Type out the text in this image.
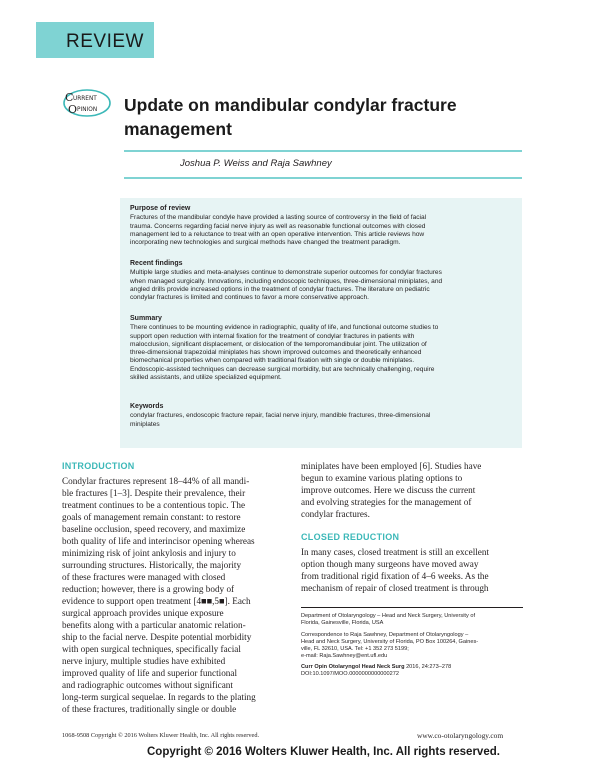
REVIEW
C URRENT
O PINION Update on mandibular condylar fracture
management
Joshua P. Weiss and Raja Sawhney
Purpose of review
Fractures of the mandibular condyle have provided a lasting source of controversy in the field of facial
trauma. Concerns regarding facial nerve injury as well as reasonable functional outcomes with closed
management led to a reluctance to treat with an open operative intervention. This article reviews how
incorporating new technologies and surgical methods have changed the treatment paradigm.
Recent findings
Multiple large studies and meta-analyses continue to demonstrate superior outcomes for condylar fractures
when managed surgically. Innovations, including endoscopic techniques, three-dimensional miniplates, and
angled drills provide increased options in the treatment of condylar fractures. The literature on pediatric
condylar fractures is limited and continues to favor a more conservative approach.
Summary
There continues to be mounting evidence in radiographic, quality of life, and functional outcome studies to
support open reduction with internal fixation for the treatment of condylar fractures in patients with
malocclusion, significant displacement, or dislocation of the temporomandibular joint. The utilization of
three-dimensional trapezoidal miniplates has shown improved outcomes and theoretically enhanced
biomechanical properties when compared with traditional fixation with single or double miniplates.
Endoscopic-assisted techniques can decrease surgical morbidity, but are technically challenging, require
skilled assistants, and utilize specialized equipment.
Keywords
condylar fractures, endoscopic fracture repair, facial nerve injury, mandible fractures, three-dimensional
miniplates
INTRODUCTION
Condylar fractures represent 18–44% of all mandi-
ble fractures [1–3]. Despite their prevalence, their
treatment continues to be a contentious topic. The
goals of management remain constant: to restore
baseline occlusion, speed recovery, and maximize
both quality of life and interincisor opening whereas
minimizing risk of joint ankylosis and injury to
surrounding structures. Historically, the majority
of these fractures were managed with closed
reduction; however, there is a growing body of
evidence to support open treatment [4■■,5■]. Each
surgical approach provides unique exposure
benefits along with a particular anatomic relation-
ship to the facial nerve. Despite potential morbidity
with open surgical techniques, specifically facial
nerve injury, multiple studies have exhibited
improved quality of life and superior functional
and radiographic outcomes without significant
long-term surgical sequelae. In regards to the plating
of these fractures, traditionally single or double
miniplates have been employed [6]. Studies have
begun to examine various plating options to
improve outcomes. Here we discuss the current
and evolving strategies for the management of
condylar fractures.
CLOSED REDUCTION
In many cases, closed treatment is still an excellent
option though many surgeons have moved away
from traditional rigid fixation of 4–6 weeks. As the
mechanism of repair of closed treatment is through
Department of Otolaryngology – Head and Neck Surgery, University of
Florida, Gainesville, Florida, USA
Correspondence to Raja Sawhney, Department of Otolaryngology –
Head and Neck Surgery, University of Florida, PO Box 100264, Gaines-
ville, FL 32610, USA. Tel: +1 352 273 5199;
e-mail: Raja.Sawhney@ent.ufl.edu
Curr Opin Otolaryngol Head Neck Surg 2016, 24:273–278
DOI:10.1097/MOO.0000000000000272
1068-9508 Copyright © 2016 Wolters Kluwer Health, Inc. All rights reserved.	www.co-otolaryngology.com
Copyright © 2016 Wolters Kluwer Health, Inc. All rights reserved.
